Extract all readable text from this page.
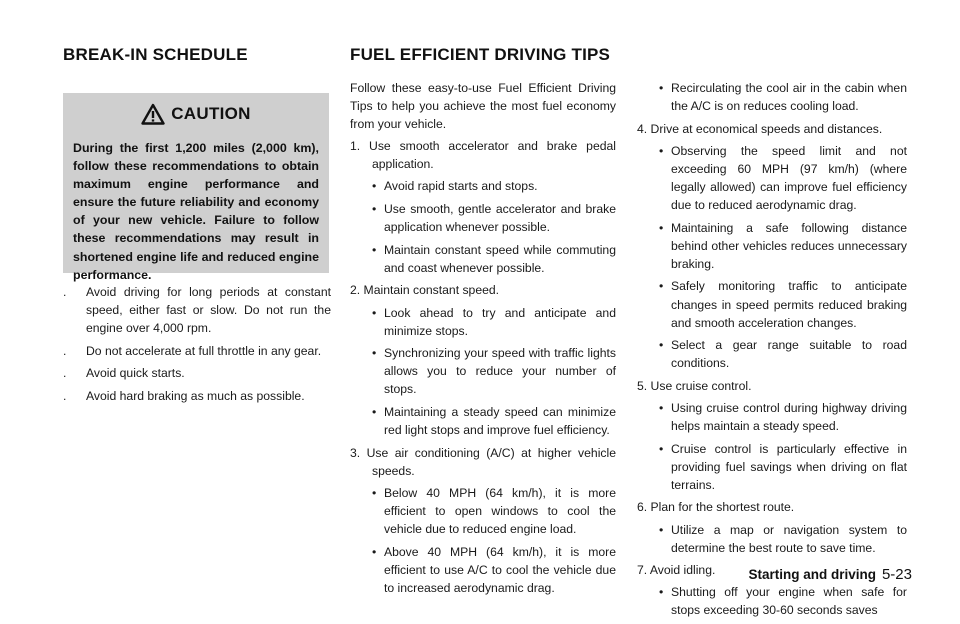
BREAK-IN SCHEDULE	FUEL EFFICIENT DRIVING TIPS
CAUTION
During the first 1,200 miles (2,000 km), follow these recommendations to obtain maximum engine performance and ensure the future reliability and economy of your new vehicle. Failure to follow these recommendations may result in shortened engine life and reduced engine performance.
. Avoid driving for long periods at constant speed, either fast or slow. Do not run the engine over 4,000 rpm.
. Do not accelerate at full throttle in any gear.
. Avoid quick starts.
. Avoid hard braking as much as possible.

Follow these easy-to-use Fuel Efficient Driving Tips to help you achieve the most fuel economy from your vehicle.

1. Use smooth accelerator and brake pedal application.

• Avoid rapid starts and stops.
• Use smooth, gentle accelerator and brake application whenever possible.
• Maintain constant speed while commuting and coast whenever possible.

2. Maintain constant speed.

• Look ahead to try and anticipate and minimize stops.
• Synchronizing your speed with traffic lights allows you to reduce your number of stops.
• Maintaining a steady speed can minimize red light stops and improve fuel efficiency.

3. Use air conditioning (A/C) at higher vehicle speeds.

• Below 40 MPH (64 km/h), it is more efficient to open windows to cool the vehicle due to reduced engine load.
• Above 40 MPH (64 km/h), it is more efficient to use A/C to cool the vehicle due to increased aerodynamic drag.
• Recirculating the cool air in the cabin when the A/C is on reduces cooling load.

4. Drive at economical speeds and distances.

• Observing the speed limit and not exceeding 60 MPH (97 km/h) (where legally allowed) can improve fuel efficiency due to reduced aerodynamic drag.
• Maintaining a safe following distance behind other vehicles reduces unnecessary braking.
• Safely monitoring traffic to anticipate changes in speed permits reduced braking and smooth acceleration changes.
• Select a gear range suitable to road conditions.

5. Use cruise control.

• Using cruise control during highway driving helps maintain a steady speed.
• Cruise control is particularly effective in providing fuel savings when driving on flat terrains.

6. Plan for the shortest route.

• Utilize a map or navigation system to determine the best route to save time.

7. Avoid idling.

• Shutting off your engine when safe for stops exceeding 30-60 seconds saves
Starting and driving 5-23
